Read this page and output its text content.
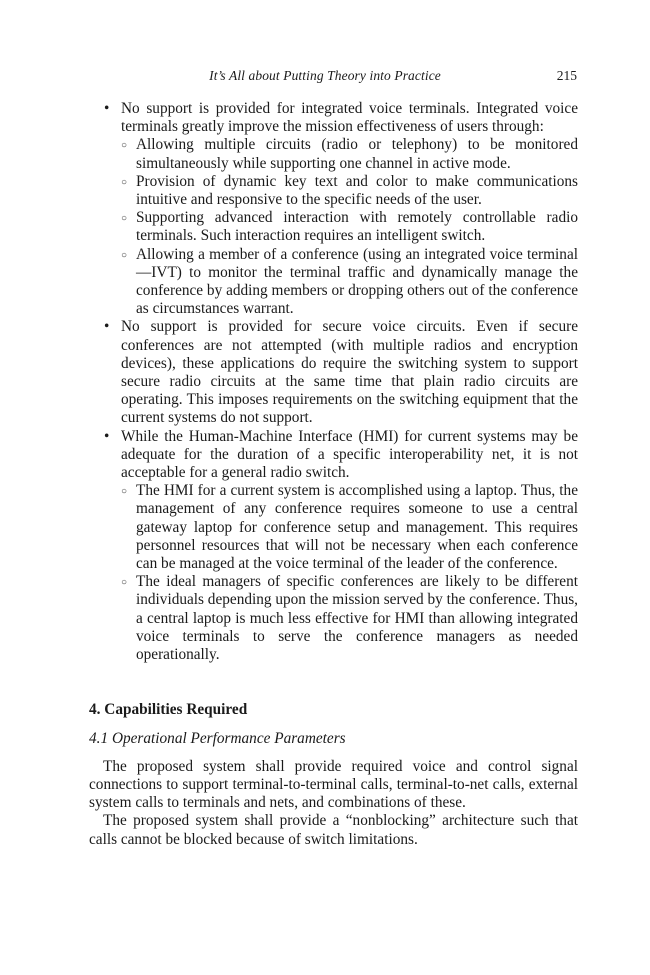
It’s All about Putting Theory into Practice	215
• No support is provided for integrated voice terminals. Integrated voice terminals greatly improve the mission effectiveness of users through:
○ Allowing multiple circuits (radio or telephony) to be monitored simultaneously while supporting one channel in active mode.
○ Provision of dynamic key text and color to make communications intuitive and responsive to the specific needs of the user.
○ Supporting advanced interaction with remotely controllable radio terminals. Such interaction requires an intelligent switch.
○ Allowing a member of a conference (using an integrated voice terminal—IVT) to monitor the terminal traffic and dynamically manage the conference by adding members or dropping others out of the conference as circumstances warrant.
• No support is provided for secure voice circuits. Even if secure conferences are not attempted (with multiple radios and encryption devices), these applications do require the switching system to support secure radio circuits at the same time that plain radio circuits are operating. This imposes requirements on the switching equipment that the current systems do not support.
• While the Human-Machine Interface (HMI) for current systems may be adequate for the duration of a specific interoperability net, it is not acceptable for a general radio switch.
○ The HMI for a current system is accomplished using a laptop. Thus, the management of any conference requires someone to use a central gateway laptop for conference setup and management. This requires personnel resources that will not be necessary when each conference can be managed at the voice terminal of the leader of the conference.
○ The ideal managers of specific conferences are likely to be different individuals depending upon the mission served by the conference. Thus, a central laptop is much less effective for HMI than allowing integrated voice terminals to serve the conference managers as needed operationally.
4. Capabilities Required
4.1 Operational Performance Parameters

The proposed system shall provide required voice and control signal connections to support terminal-to-terminal calls, terminal-to-net calls, external system calls to terminals and nets, and combinations of these.

The proposed system shall provide a “nonblocking” architecture such that calls cannot be blocked because of switch limitations.
